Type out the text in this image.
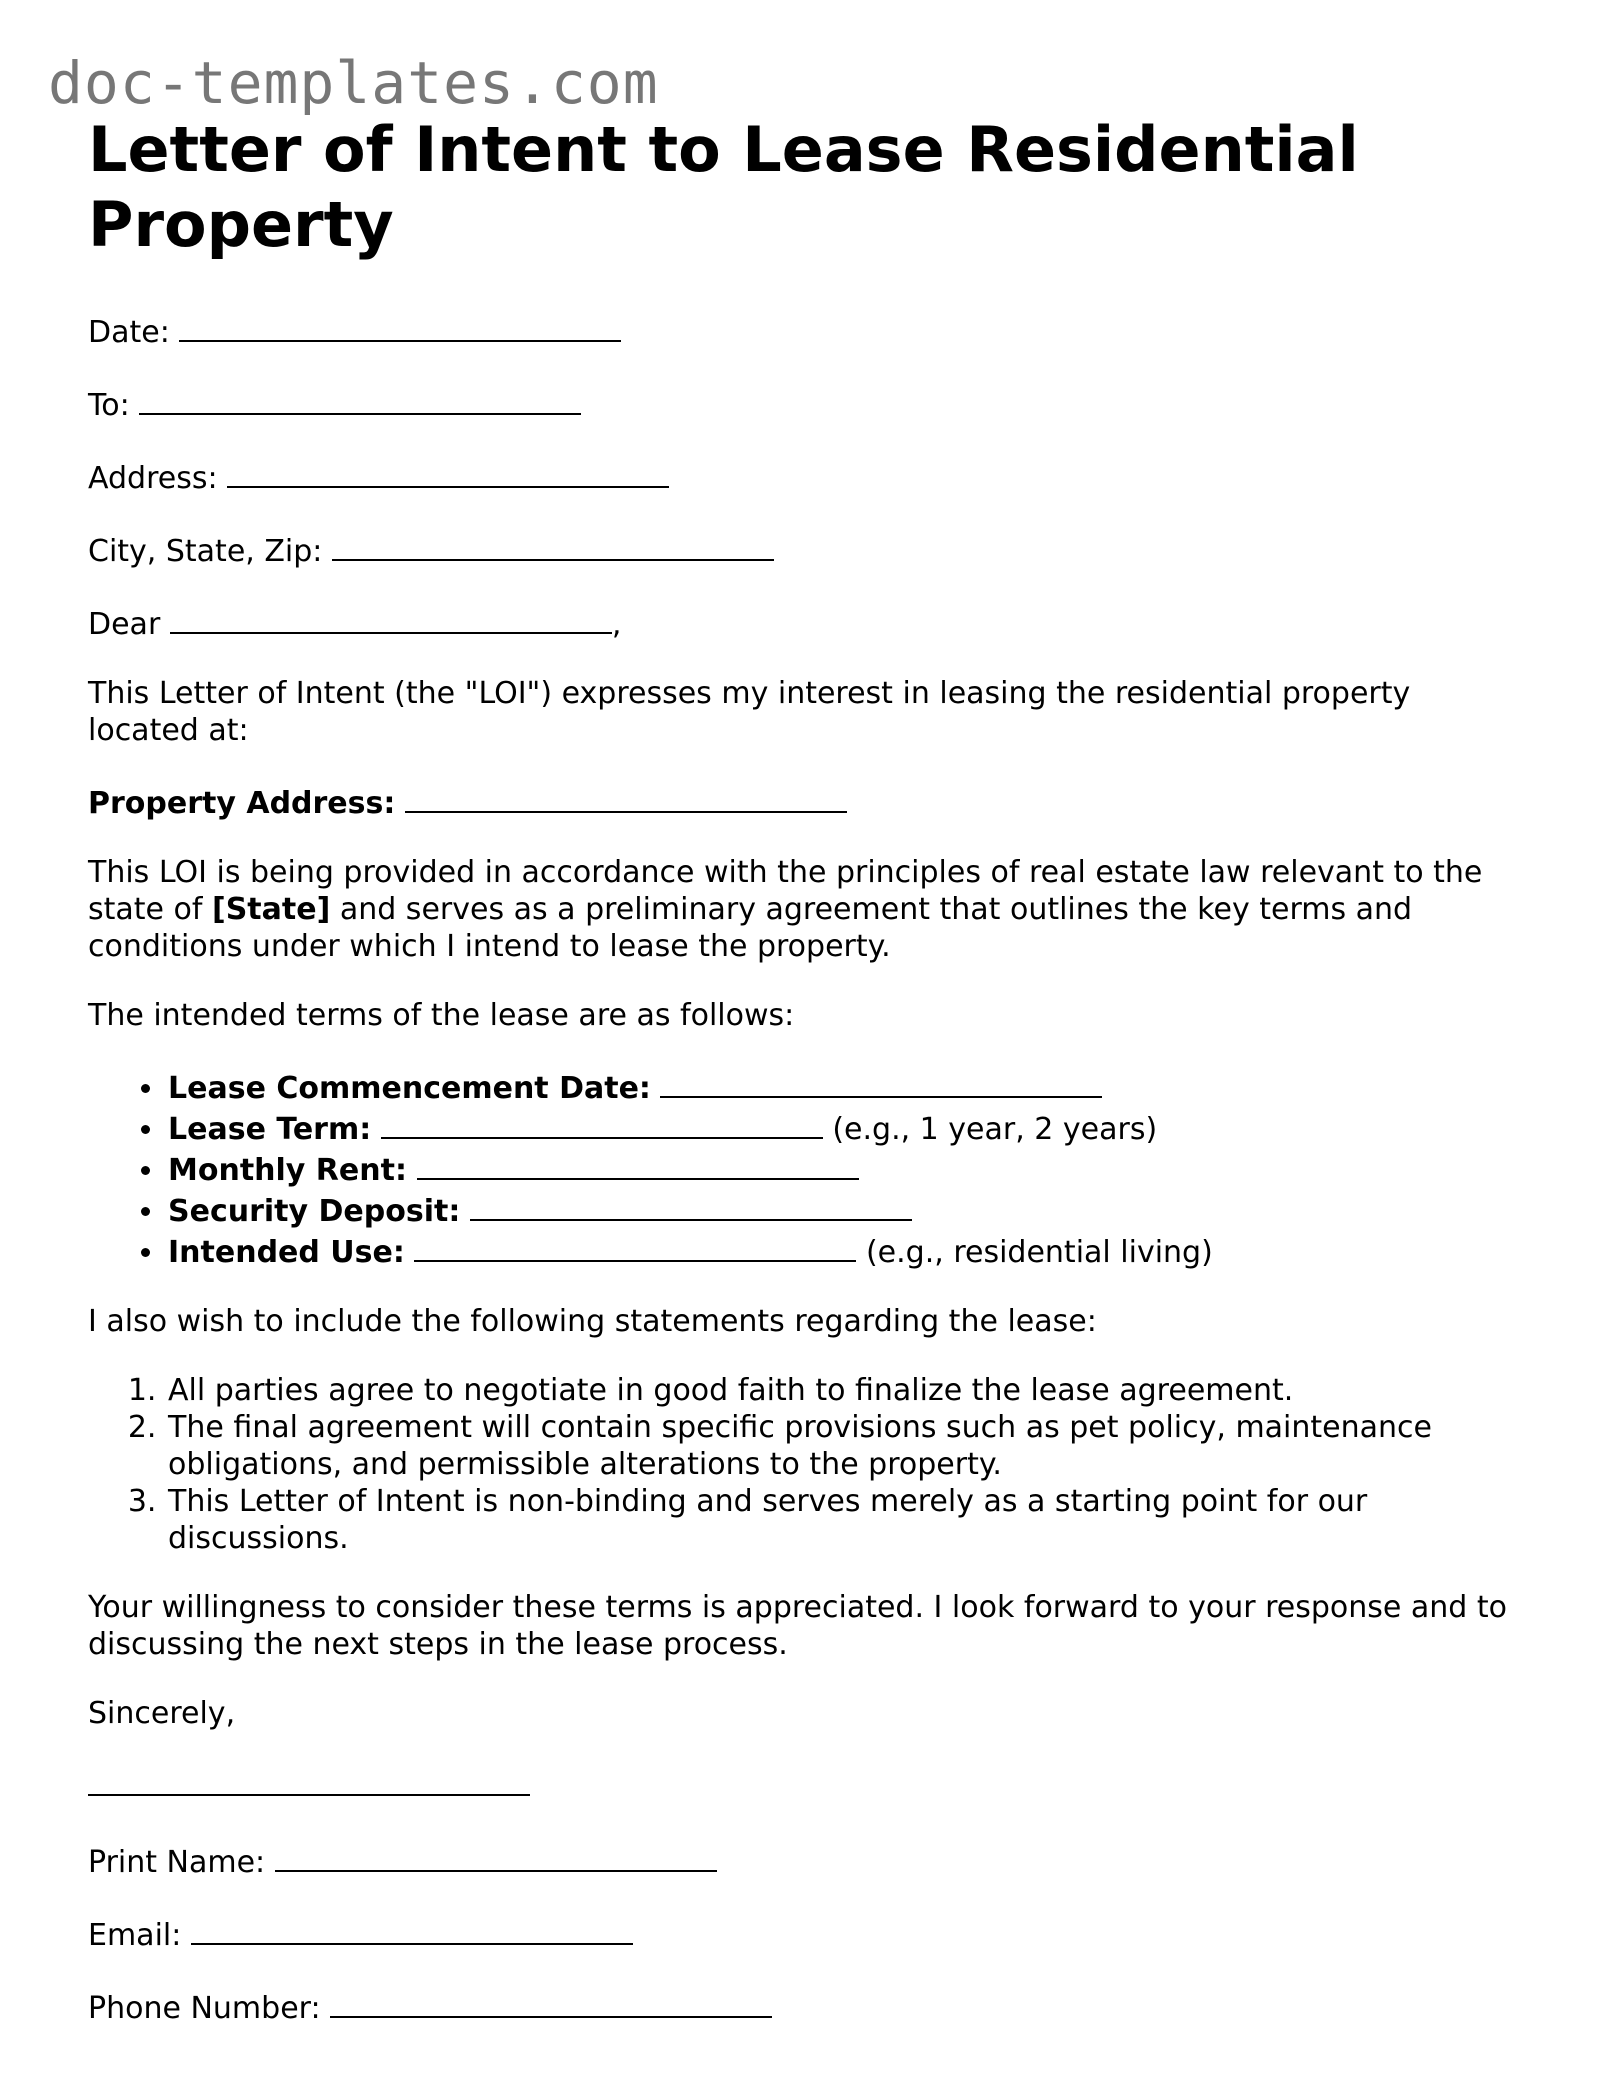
doc-templates.com
Letter of Intent to Lease Residential Property

Date:

To:

Address:

City, State, Zip:

Dear	,

This Letter of Intent (the "LOI") expresses my interest in leasing the residential property located at:

Property Address:

This LOI is being provided in accordance with the principles of real estate law relevant to the state of [State] and serves as a preliminary agreement that outlines the key terms and conditions under which I intend to lease the property.

The intended terms of the lease are as follows:

• Lease Commencement Date:
• Lease Term:	(e.g., 1 year, 2 years)
• Monthly Rent:
• Security Deposit:
• Intended Use:	(e.g., residential living)

I also wish to include the following statements regarding the lease:

1. All parties agree to negotiate in good faith to finalize the lease agreement.
2. The final agreement will contain specific provisions such as pet policy, maintenance obligations, and permissible alterations to the property.
3. This Letter of Intent is non-binding and serves merely as a starting point for our discussions.

Your willingness to consider these terms is appreciated. I look forward to your response and to discussing the next steps in the lease process.

Sincerely,

Print Name:

Email:

Phone Number:
